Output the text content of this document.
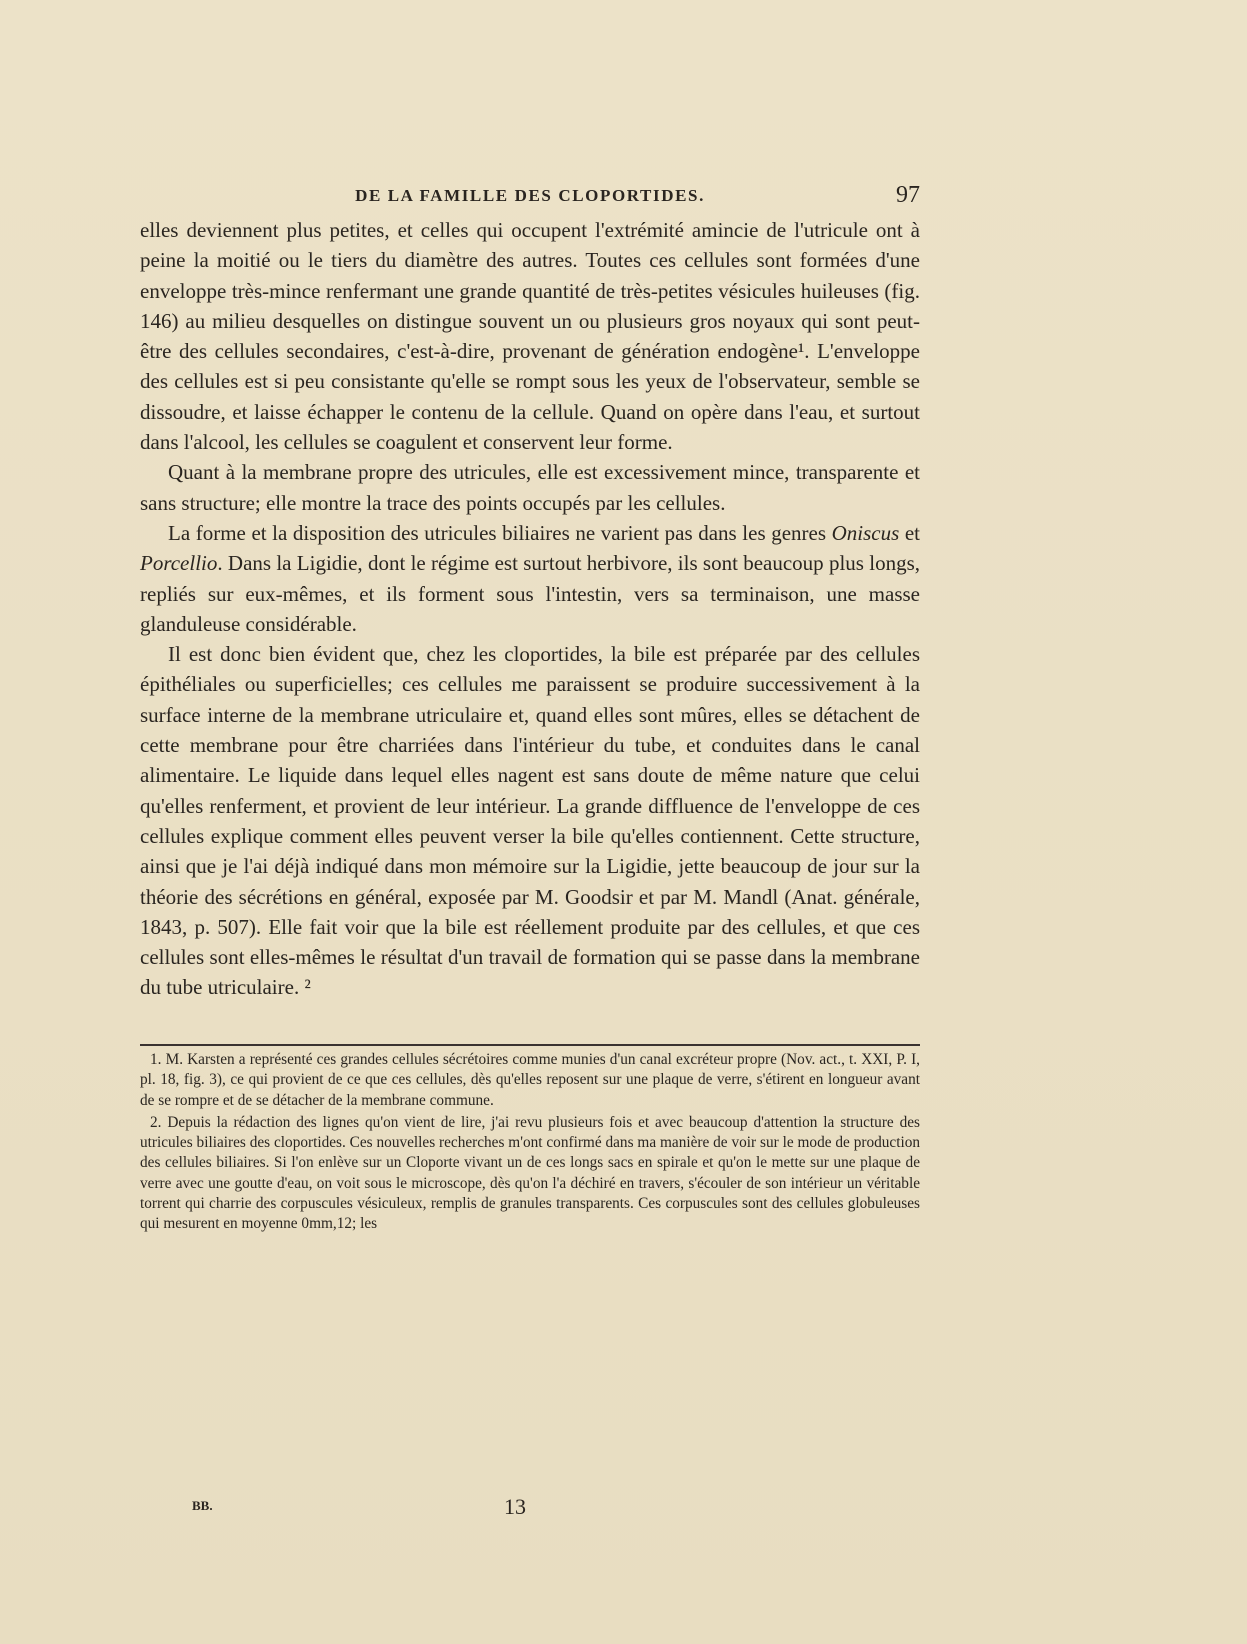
DE LA FAMILLE DES CLOPORTIDES.	97

elles deviennent plus petites, et celles qui occupent l'extrémité amincie de l'utricule ont à peine la moitié ou le tiers du diamètre des autres. Toutes ces cellules sont formées d'une enveloppe très-mince renfermant une grande quantité de très-petites vésicules huileuses (fig. 146) au milieu desquelles on distingue souvent un ou plusieurs gros noyaux qui sont peut-être des cellules secondaires, c'est-à-dire, provenant de génération endogène¹. L'enveloppe des cellules est si peu consistante qu'elle se rompt sous les yeux de l'observateur, semble se dissoudre, et laisse échapper le contenu de la cellule. Quand on opère dans l'eau, et surtout dans l'alcool, les cellules se coagulent et conservent leur forme.

Quant à la membrane propre des utricules, elle est excessivement mince, transparente et sans structure; elle montre la trace des points occupés par les cellules.

La forme et la disposition des utricules biliaires ne varient pas dans les genres Oniscus et Porcellio. Dans la Ligidie, dont le régime est surtout herbivore, ils sont beaucoup plus longs, repliés sur eux-mêmes, et ils forment sous l'intestin, vers sa terminaison, une masse glanduleuse considérable.

Il est donc bien évident que, chez les cloportides, la bile est préparée par des cellules épithéliales ou superficielles; ces cellules me paraissent se produire successivement à la surface interne de la membrane utriculaire et, quand elles sont mûres, elles se détachent de cette membrane pour être charriées dans l'intérieur du tube, et conduites dans le canal alimentaire. Le liquide dans lequel elles nagent est sans doute de même nature que celui qu'elles renferment, et provient de leur intérieur. La grande diffluence de l'enveloppe de ces cellules explique comment elles peuvent verser la bile qu'elles contiennent. Cette structure, ainsi que je l'ai déjà indiqué dans mon mémoire sur la Ligidie, jette beaucoup de jour sur la théorie des sécrétions en général, exposée par M. Goodsir et par M. Mandl (Anat. générale, 1843, p. 507). Elle fait voir que la bile est réellement produite par des cellules, et que ces cellules sont elles-mêmes le résultat d'un travail de formation qui se passe dans la membrane du tube utriculaire. ²

1. M. Karsten a représenté ces grandes cellules sécrétoires comme munies d'un canal excréteur propre (Nov. act., t. XXI, P. I, pl. 18, fig. 3), ce qui provient de ce que ces cellules, dès qu'elles reposent sur une plaque de verre, s'étirent en longueur avant de se rompre et de se détacher de la membrane commune.

2. Depuis la rédaction des lignes qu'on vient de lire, j'ai revu plusieurs fois et avec beaucoup d'attention la structure des utricules biliaires des cloportides. Ces nouvelles recherches m'ont confirmé dans ma manière de voir sur le mode de production des cellules biliaires. Si l'on enlève sur un Cloporte vivant un de ces longs sacs en spirale et qu'on le mette sur une plaque de verre avec une goutte d'eau, on voit sous le microscope, dès qu'on l'a déchiré en travers, s'écouler de son intérieur un véritable torrent qui charrie des corpuscules vésiculeux, remplis de granules transparents. Ces corpuscules sont des cellules globuleuses qui mesurent en moyenne 0mm,12; les

BB.	13
